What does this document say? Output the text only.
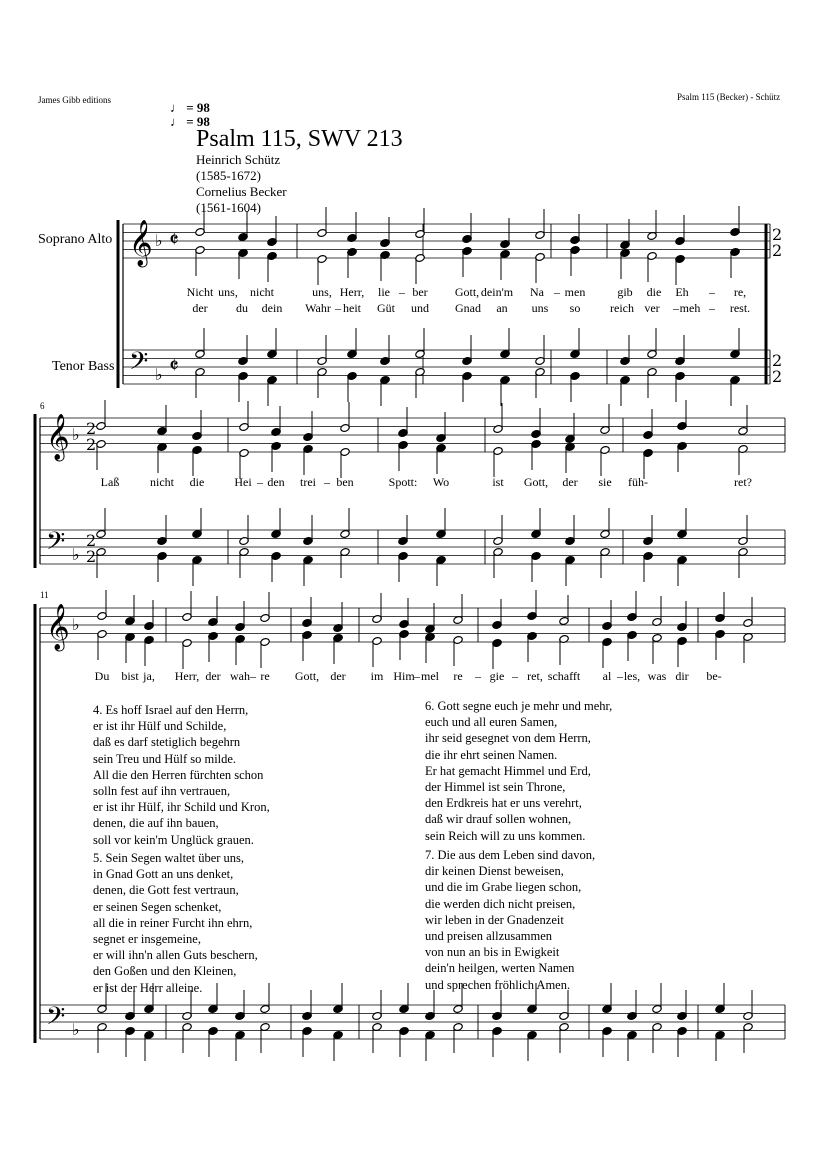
James Gibb editions	Psalm 115 (Becker) - Schütz
♩ = 98
♩ = 98
Psalm 115, SWV 213
Heinrich Schütz
(1585-1672)
Cornelius Becker
(1561-1604)
Soprano Alto
Tenor Bass
6
11
𝄞
𝄢
♭
♭
𝄵
𝄵
𝄞
𝄢
♭
♭
2
2
2
2
𝄞
𝄢
♭
♭
2
2
2
2
Nicht uns,	nicht	uns, Herr,	lie – ber	Gott, dein'm	Na – men	gib	die	Eh	–	re,
der	du	dein	Wahr – heit	Güt	und	Gnad	an	uns	so	reich ver	– meh –	rest.
Laß	nicht	die	Hei – den	trei – ben	Spott:	Wo	ist	Gott,	der	sie	füh-	ret?
Du	bist ja,	Herr, der wah – re	Gott, der	im Him – mel	re	– gie – ret, schafft	al – les, was dir	be-
4. Es hoff Israel auf den Herrn,
er ist ihr Hülf und Schilde,
daß es darf stetiglich begehrn
sein Treu und Hülf so milde.
All die den Herren fürchten schon
solln fest auf ihn vertrauen,
er ist ihr Hülf, ihr Schild und Kron,
denen, die auf ihn bauen,
soll vor kein'm Unglück grauen.
5. Sein Segen waltet über uns,
in Gnad Gott an uns denket,
denen, die Gott fest vertraun,
er seinen Segen schenket,
all die in reiner Furcht ihn ehrn,
segnet er insgemeine,
er will ihn'n allen Guts beschern,
den Goßen und den Kleinen,
er ist der Herr alleine.
6. Gott segne euch je mehr und mehr,
euch und all euren Samen,
ihr seid gesegnet von dem Herrn,
die ihr ehrt seinen Namen.
Er hat gemacht Himmel und Erd,
der Himmel ist sein Throne,
den Erdkreis hat er uns verehrt,
daß wir drauf sollen wohnen,
sein Reich will zu uns kommen.
7. Die aus dem Leben sind davon,
dir keinen Dienst beweisen,
und die im Grabe liegen schon,
die werden dich nicht preisen,
wir leben in der Gnadenzeit
und preisen allzusammen
von nun an bis in Ewigkeit
dein'n heilgen, werten Namen
und sprechen fröhlich Amen.
